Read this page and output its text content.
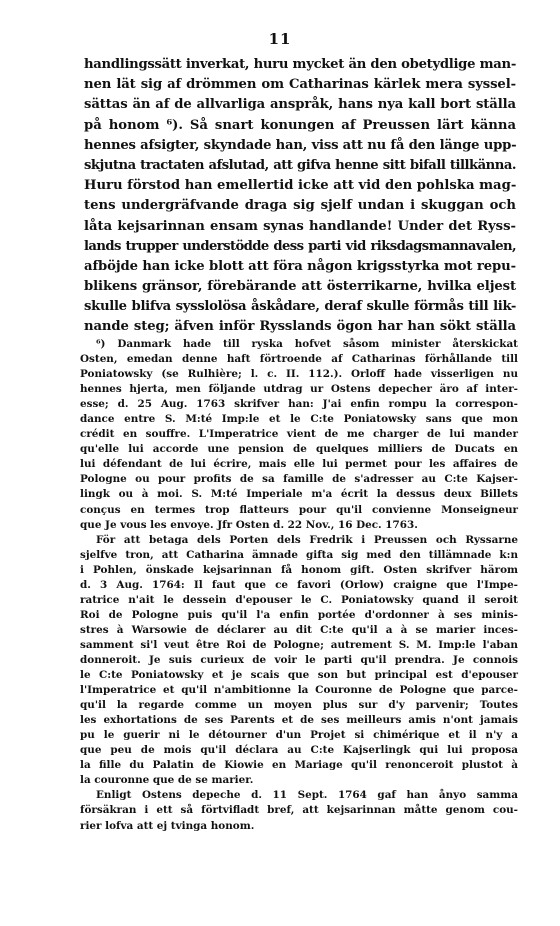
11
handlingssätt inverkat, huru mycket än den obetydlige man-
nen lät sig af drömmen om Catharinas kärlek mera syssel-
sättas än af de allvarliga anspråk, hans nya kall bort ställa
på honom ⁶). Så snart konungen af Preussen lärt känna
hennes afsigter, skyndade han, viss att nu få den länge upp-
skjutna tractaten afslutad, att gifva henne sitt bifall tillkänna.
Huru förstod han emellertid icke att vid den pohlska mag-
tens undergräfvande draga sig sjelf undan i skuggan och
låta kejsarinnan ensam synas handlande! Under det Ryss-
lands trupper understödde dess parti vid riksdagsmannavalen,
afböjde han icke blott att föra någon krigsstyrka mot repu-
blikens gränsor, förebärande att österrikarne, hvilka eljest
skulle blifva sysslolösa åskådare, deraf skulle förmås till lik-
nande steg; äfven inför Rysslands ögon har han sökt ställa
⁶) Danmark hade till ryska hofvet såsom minister återskickat
Osten, emedan denne haft förtroende af Catharinas förhållande till
Poniatowsky (se Rulhière; l. c. II. 112.). Orloff hade visserligen nu
hennes hjerta, men följande utdrag ur Ostens depecher äro af inter-
esse; d. 25 Aug. 1763 skrifver han: J'ai enfin rompu la correspon-
dance entre S. M:té Imp:le et le C:te Poniatowsky sans que mon
crédit en souffre. L'Imperatrice vient de me charger de lui mander
qu'elle lui accorde une pension de quelques milliers de Ducats en
lui défendant de lui écrire, mais elle lui permet pour les affaires de
Pologne ou pour profits de sa famille de s'adresser au C:te Kajser-
lingk ou à moi. S. M:té Imperiale m'a écrit la dessus deux Billets
conçus en termes trop flatteurs pour qu'il convienne Monseigneur
que Je vous les envoye. Jfr Osten d. 22 Nov., 16 Dec. 1763.
För att betaga dels Porten dels Fredrik i Preussen och Ryssarne
sjelfve tron, att Catharina ämnade gifta sig med den tillämnade k:n
i Pohlen, önskade kejsarinnan få honom gift. Osten skrifver härom
d. 3 Aug. 1764: Il faut que ce favori (Orlow) craigne que l'Impe-
ratrice n'ait le dessein d'epouser le C. Poniatowsky quand il seroit
Roi de Pologne puis qu'il l'a enfin portée d'ordonner à ses minis-
stres à Warsowie de déclarer au dit C:te qu'il a à se marier inces-
samment si'l veut être Roi de Pologne; autrement S. M. Imp:le l'aban
donneroit. Je suis curieux de voir le parti qu'il prendra. Je connois
le C:te Poniatowsky et je scais que son but principal est d'epouser
l'Imperatrice et qu'il n'ambitionne la Couronne de Pologne que parce-
qu'il la regarde comme un moyen plus sur d'y parvenir; Toutes
les exhortations de ses Parents et de ses meilleurs amis n'ont jamais
pu le guerir ni le détourner d'un Projet si chimérique et il n'y a
que peu de mois qu'il déclara au C:te Kajserlingk qui lui proposa
la fille du Palatin de Kiowie en Mariage qu'il renonceroit plustot à
la couronne que de se marier.
Enligt Ostens depeche d. 11 Sept. 1764 gaf han ånyo samma
försäkran i ett så förtvifladt bref, att kejsarinnan måtte genom cou-
rier lofva att ej tvinga honom.
